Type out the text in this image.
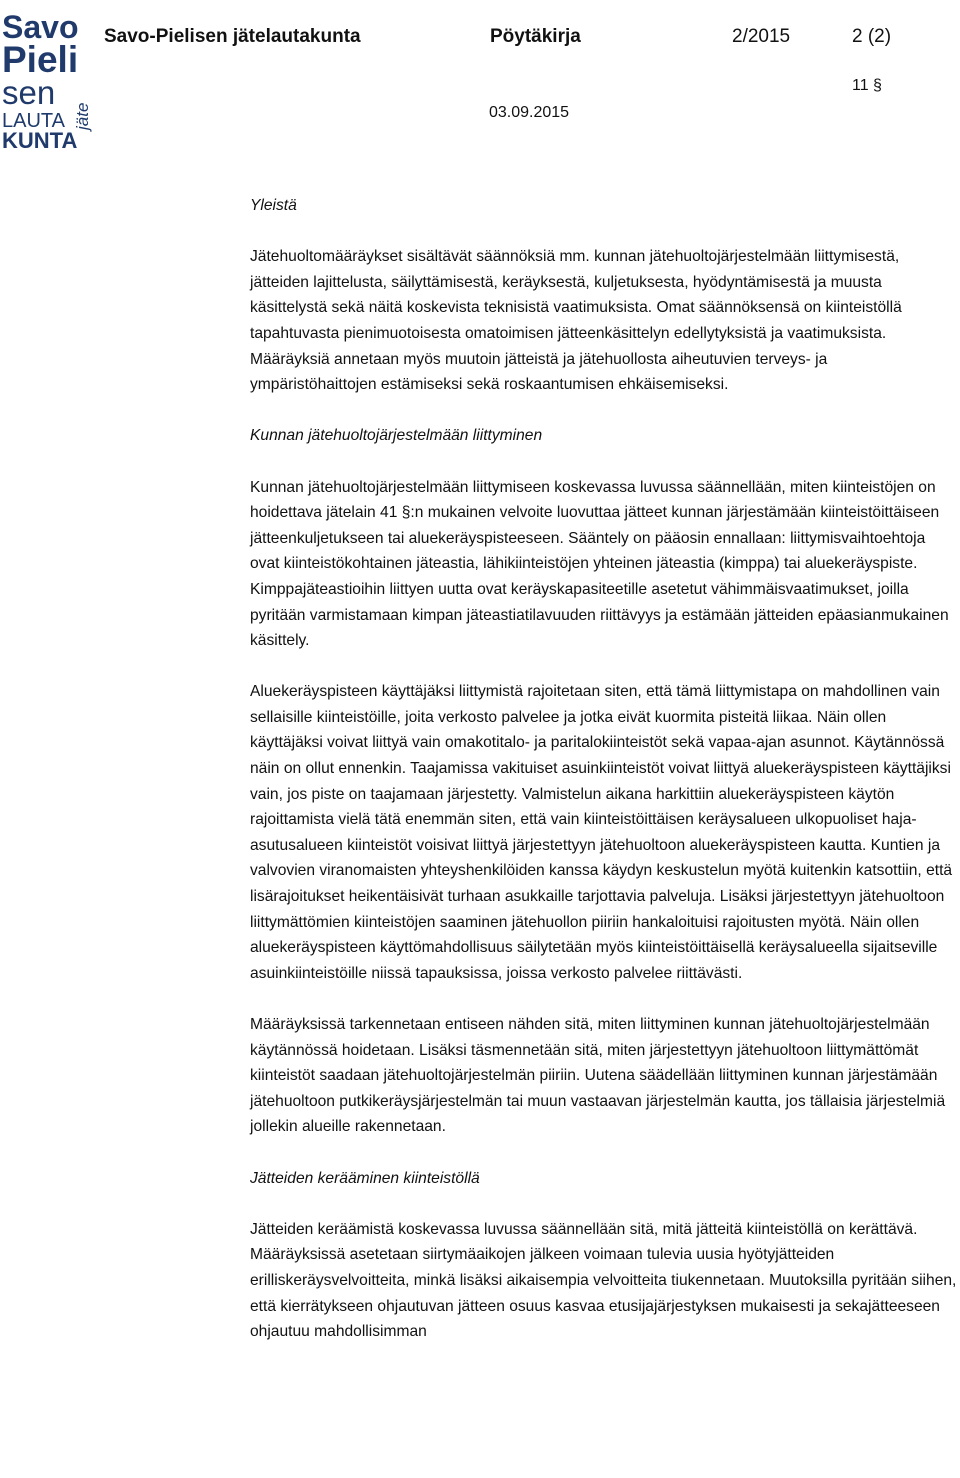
Savo
Pieli
sen
LAUTA
KUNTA
jäte
Savo-Pielisen jätelautakunta	Pöytäkirja	2/2015	2 (2)
11 §
03.09.2015

Yleistä

Jätehuoltomääräykset sisältävät säännöksiä mm. kunnan jätehuoltojärjestelmään liittymisestä, jätteiden lajittelusta, säilyttämisestä, keräyksestä, kuljetuksesta, hyödyntämisestä ja muusta käsittelystä sekä näitä koskevista teknisistä vaatimuksista. Omat säännöksensä on kiinteistöllä tapahtuvasta pienimuotoisesta omatoimisen jätteenkäsittelyn edellytyksistä ja vaatimuksista. Määräyksiä annetaan myös muutoin jätteistä ja jätehuollosta aiheutuvien terveys- ja ympäristöhaittojen estämiseksi sekä roskaantumisen ehkäisemiseksi.

Kunnan jätehuoltojärjestelmään liittyminen

Kunnan jätehuoltojärjestelmään liittymiseen koskevassa luvussa säännellään, miten kiinteistöjen on hoidettava jätelain 41 §:n mukainen velvoite luovuttaa jätteet kunnan järjestämään kiinteistöittäiseen jätteenkuljetukseen tai aluekeräyspisteeseen. Sääntely on pääosin ennallaan: liittymisvaihtoehtoja ovat kiinteistökohtainen jäteastia, lähikiinteistöjen yhteinen jäteastia (kimppa) tai aluekeräyspiste. Kimppajäteastioihin liittyen uutta ovat keräyskapasiteetille asetetut vähimmäisvaatimukset, joilla pyritään varmistamaan kimpan jäteastiatilavuuden riittävyys ja estämään jätteiden epäasianmukainen käsittely.

Aluekeräyspisteen käyttäjäksi liittymistä rajoitetaan siten, että tämä liittymistapa on mahdollinen vain sellaisille kiinteistöille, joita verkosto palvelee ja jotka eivät kuormita pisteitä liikaa. Näin ollen käyttäjäksi voivat liittyä vain omakotitalo- ja paritalokiinteistöt sekä vapaa-ajan asunnot. Käytännössä näin on ollut ennenkin. Taajamissa vakituiset asuinkiinteistöt voivat liittyä aluekeräyspisteen käyttäjiksi vain, jos piste on taajamaan järjestetty. Valmistelun aikana harkittiin aluekeräyspisteen käytön rajoittamista vielä tätä enemmän siten, että vain kiinteistöittäisen keräysalueen ulkopuoliset haja-asutusalueen kiinteistöt voisivat liittyä järjestettyyn jätehuoltoon aluekeräyspisteen kautta. Kuntien ja valvovien viranomaisten yhteyshenkilöiden kanssa käydyn keskustelun myötä kuitenkin katsottiin, että lisärajoitukset heikentäisivät turhaan asukkaille tarjottavia palveluja. Lisäksi järjestettyyn jätehuoltoon liittymättömien kiinteistöjen saaminen jätehuollon piiriin hankaloituisi rajoitusten myötä. Näin ollen aluekeräyspisteen käyttömahdollisuus säilytetään myös kiinteistöittäisellä keräysalueella sijaitseville asuinkiinteistöille niissä tapauksissa, joissa verkosto palvelee riittävästi.

Määräyksissä tarkennetaan entiseen nähden sitä, miten liittyminen kunnan jätehuoltojärjestelmään käytännössä hoidetaan. Lisäksi täsmennetään sitä, miten järjestettyyn jätehuoltoon liittymättömät kiinteistöt saadaan jätehuoltojärjestelmän piiriin. Uutena säädellään liittyminen kunnan järjestämään jätehuoltoon putkikeräysjärjestelmän tai muun vastaavan järjestelmän kautta, jos tällaisia järjestelmiä jollekin alueille rakennetaan.

Jätteiden kerääminen kiinteistöllä

Jätteiden keräämistä koskevassa luvussa säännellään sitä, mitä jätteitä kiinteistöllä on kerättävä. Määräyksissä asetetaan siirtymäaikojen jälkeen voimaan tulevia uusia hyötyjätteiden erilliskeräysvelvoitteita, minkä lisäksi aikaisempia velvoitteita tiukennetaan. Muutoksilla pyritään siihen, että kierrätykseen ohjautuvan jätteen osuus kasvaa etusijajärjestyksen mukaisesti ja sekajätteeseen ohjautuu mahdollisimman
